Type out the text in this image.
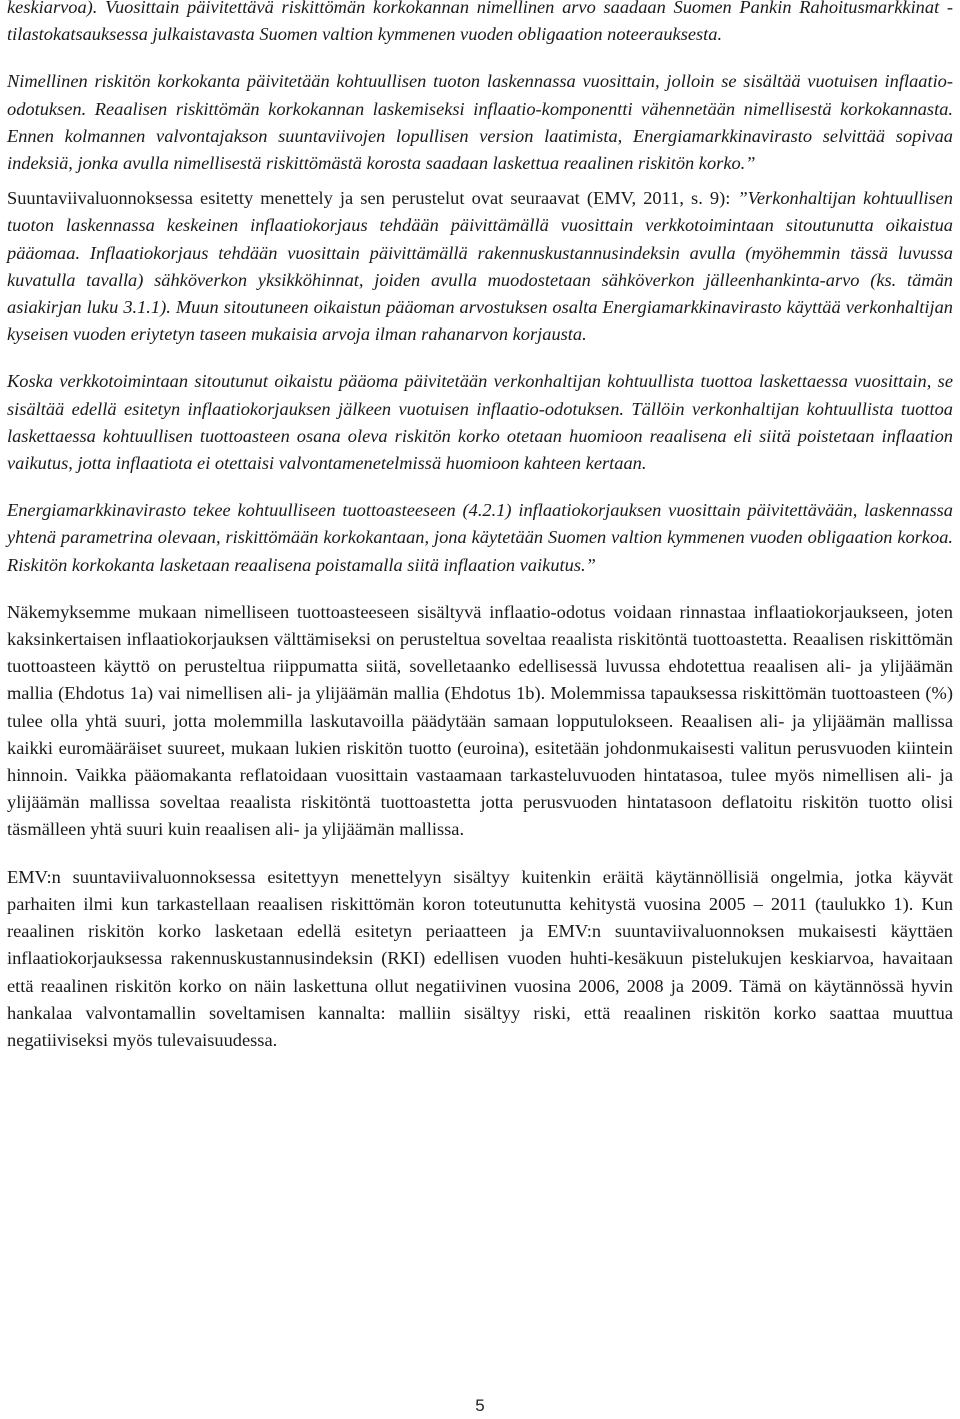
keskiarvoa). Vuosittain päivitettävä riskittömän korkokannan nimellinen arvo saadaan Suomen Pankin Rahoitusmarkkinat -tilastokatsauksessa julkaistavasta Suomen valtion kymmenen vuoden obligaation noteerauksesta.

Nimellinen riskitön korkokanta päivitetään kohtuullisen tuoton laskennassa vuosittain, jolloin se sisältää vuotuisen inflaatio-odotuksen. Reaalisen riskittömän korkokannan laskemiseksi inflaatio-komponentti vähennetään nimellisestä korkokannasta. Ennen kolmannen valvontajakson suuntaviivojen lopullisen version laatimista, Energiamarkkinavirasto selvittää sopivaa indeksiä, jonka avulla nimellisestä riskittömästä korosta saadaan laskettua reaalinen riskitön korko.”

Suuntaviivaluonnoksessa esitetty menettely ja sen perustelut ovat seuraavat (EMV, 2011, s. 9): ”Verkonhaltijan kohtuullisen tuoton laskennassa keskeinen inflaatiokorjaus tehdään päivittämällä vuosittain verkkotoimintaan sitoutunutta oikaistua pääomaa. Inflaatiokorjaus tehdään vuosittain päivittämällä rakennuskustannusindeksin avulla (myöhemmin tässä luvussa kuvatulla tavalla) sähköverkon yksikköhinnat, joiden avulla muodostetaan sähköverkon jälleenhankinta-arvo (ks. tämän asiakirjan luku 3.1.1). Muun sitoutuneen oikaistun pääoman arvostuksen osalta Energiamarkkinavirasto käyttää verkonhaltijan kyseisen vuoden eriytetyn taseen mukaisia arvoja ilman rahanarvon korjausta.

Koska verkkotoimintaan sitoutunut oikaistu pääoma päivitetään verkonhaltijan kohtuullista tuottoa laskettaessa vuosittain, se sisältää edellä esitetyn inflaatiokorjauksen jälkeen vuotuisen inflaatio-odotuksen. Tällöin verkonhaltijan kohtuullista tuottoa laskettaessa kohtuullisen tuottoasteen osana oleva riskitön korko otetaan huomioon reaalisena eli siitä poistetaan inflaation vaikutus, jotta inflaatiota ei otettaisi valvontamenetelmissä huomioon kahteen kertaan.

Energiamarkkinavirasto tekee kohtuulliseen tuottoasteeseen (4.2.1) inflaatiokorjauksen vuosittain päivitettävään, laskennassa yhtenä parametrina olevaan, riskittömään korkokantaan, jona käytetään Suomen valtion kymmenen vuoden obligaation korkoa. Riskitön korkokanta lasketaan reaalisena poistamalla siitä inflaation vaikutus.”

Näkemyksemme mukaan nimelliseen tuottoasteeseen sisältyvä inflaatio-odotus voidaan rinnastaa inflaatiokorjaukseen, joten kaksinkertaisen inflaatiokorjauksen välttämiseksi on perusteltua soveltaa reaalista riskitöntä tuottoastetta. Reaalisen riskittömän tuottoasteen käyttö on perusteltua riippumatta siitä, sovelletaanko edellisessä luvussa ehdotettua reaalisen ali- ja ylijäämän mallia (Ehdotus 1a) vai nimellisen ali- ja ylijäämän mallia (Ehdotus 1b). Molemmissa tapauksessa riskittömän tuottoasteen (%) tulee olla yhtä suuri, jotta molemmilla laskutavoilla päädytään samaan lopputulokseen. Reaalisen ali- ja ylijäämän mallissa kaikki euromääräiset suureet, mukaan lukien riskitön tuotto (euroina), esitetään johdonmukaisesti valitun perusvuoden kiintein hinnoin. Vaikka pääomakanta reflatoidaan vuosittain vastaamaan tarkasteluvuoden hintatasoa, tulee myös nimellisen ali- ja ylijäämän mallissa soveltaa reaalista riskitöntä tuottoastetta jotta perusvuoden hintatasoon deflatoitu riskitön tuotto olisi täsmälleen yhtä suuri kuin reaalisen ali- ja ylijäämän mallissa.

EMV:n suuntaviivaluonnoksessa esitettyyn menettelyyn sisältyy kuitenkin eräitä käytännöllisiä ongelmia, jotka käyvät parhaiten ilmi kun tarkastellaan reaalisen riskittömän koron toteutunutta kehitystä vuosina 2005 – 2011 (taulukko 1). Kun reaalinen riskitön korko lasketaan edellä esitetyn periaatteen ja EMV:n suuntaviivaluonnoksen mukaisesti käyttäen inflaatiokorjauksessa rakennuskustannusindeksin (RKI) edellisen vuoden huhti-kesäkuun pistelukujen keskiarvoa, havaitaan että reaalinen riskitön korko on näin laskettuna ollut negatiivinen vuosina 2006, 2008 ja 2009. Tämä on käytännössä hyvin hankalaa valvontamallin soveltamisen kannalta: malliin sisältyy riski, että reaalinen riskitön korko saattaa muuttua negatiiviseksi myös tulevaisuudessa.

5
